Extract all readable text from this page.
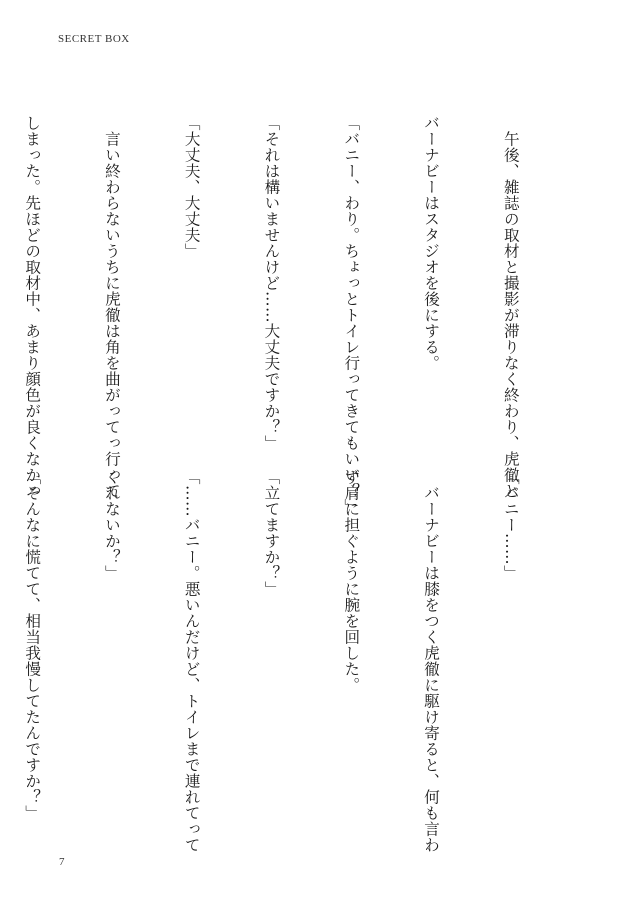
SECRET BOX

　午後、雑誌の取材と撮影が滞りなく終わり、虎徹と

バーナビーはスタジオを後にする。

「バニー、わり。ちょっとトイレ行ってきてもいい？」

「それは構いませんけど……大丈夫ですか？」

「大丈夫、大丈夫」

　言い終わらないうちに虎徹は角を曲がってっ行って

しまった。先ほどの取材中、あまり顔色が良くなかっ

「バニー……」

　バーナビーは膝をつく虎徹に駆け寄ると、何も言わ

ず肩に担ぐように腕を回した。

「立てますか？」

「……バニー。悪いんだけど、トイレまで連れてって

くれないか？」

「そんなに慌てて、相当我慢してたんですか？」

7
